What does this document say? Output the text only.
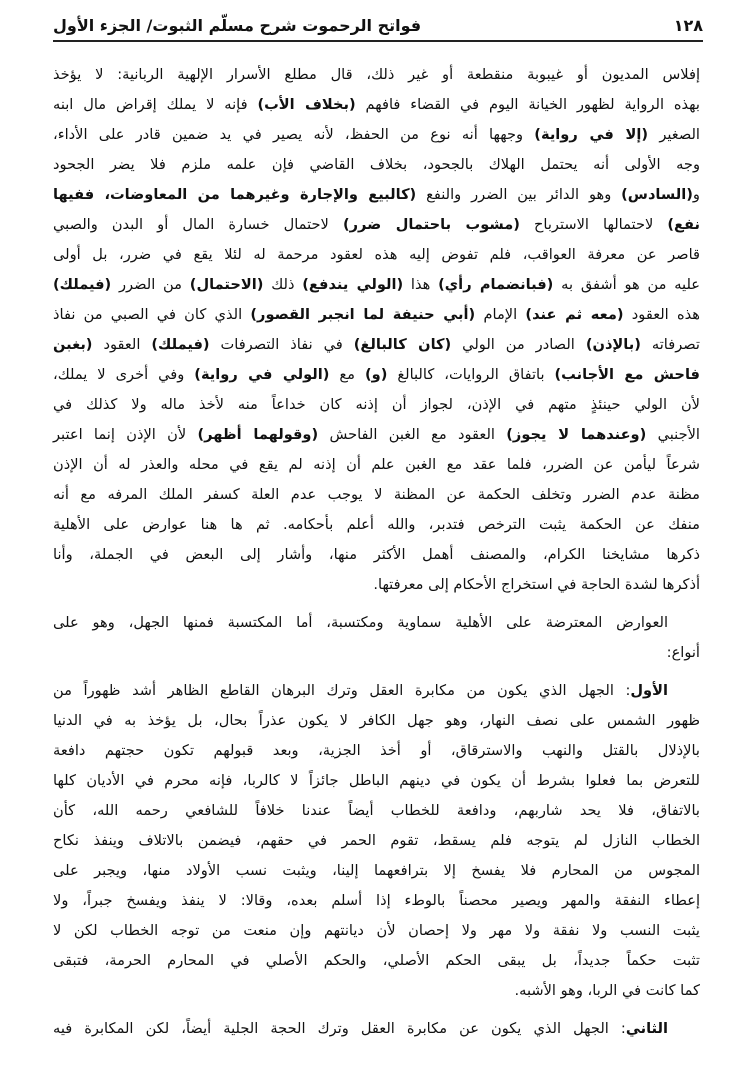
١٢٨
فواتح الرحموت شرح مسلّم الثبوت/ الجزء الأول
إفلاس المديون أو غيبوبة منقطعة أو غير ذلك، قال مطلع الأسرار الإلهية الربانية: لا يؤخذ
بهذه الرواية لظهور الخيانة اليوم في القضاء فافهم (بخلاف الأب) فإنه لا يملك إقراض مال ابنه
الصغير (إلا في رواية) وجهها أنه نوع من الحفظ، لأنه يصير في يد ضمين قادر على الأداء،
وجه الأولى أنه يحتمل الهلاك بالجحود، بخلاف القاضي فإن علمه ملزم فلا يضر الجحود
و(السادس) وهو الدائر بين الضرر والنفع (كالبيع والإجارة وغيرهما من المعاوضات، ففيها
نفع) لاحتمالها الاسترباح (مشوب باحتمال ضرر) لاحتمال خسارة المال أو البدن والصبي
قاصر عن معرفة العواقب، فلم تفوض إليه هذه لعقود مرحمة له لئلا يقع في ضرر، بل أولى
عليه من هو أشفق به (فبانضمام رأي) هذا (الولي يندفع) ذلك (الاحتمال) من الضرر (فيملك)
هذه العقود (معه ثم عند) الإمام (أبي حنيفة لما انجبر القصور) الذي كان في الصبي من نفاذ
تصرفاته (بالإذن) الصادر من الولي (كان كالبالغ) في نفاذ التصرفات (فيملك) العقود (بغبن
فاحش مع الأجانب) باتفاق الروايات، كالبالغ (و) مع (الولي في رواية) وفي أخرى لا يملك،
لأن الولي حينئذٍ متهم في الإذن، لجواز أن إذنه كان خداعاً منه لأخذ ماله ولا كذلك في
الأجنبي (وعندهما لا يجوز) العقود مع الغبن الفاحش (وقولهما أظهر) لأن الإذن إنما اعتبر
شرعاً ليأمن عن الضرر، فلما عقد مع الغبن علم أن إذنه لم يقع في محله والعذر له أن الإذن
مظنة عدم الضرر وتخلف الحكمة عن المظنة لا يوجب عدم العلة كسفر الملك المرفه مع أنه
منفك عن الحكمة يثبت الترخص فتدبر، والله أعلم بأحكامه. ثم ها هنا عوارض على الأهلية
ذكرها مشايخنا الكرام، والمصنف أهمل الأكثر منها، وأشار إلى البعض في الجملة، وأنا
أذكرها لشدة الحاجة في استخراج الأحكام إلى معرفتها.
العوارض المعترضة على الأهلية سماوية ومكتسبة، أما المكتسبة فمنها الجهل، وهو على
أنواع:
الأول: الجهل الذي يكون من مكابرة العقل وترك البرهان القاطع الظاهر أشد ظهوراً من
ظهور الشمس على نصف النهار، وهو جهل الكافر لا يكون عذراً بحال، بل يؤخذ به في الدنيا
بالإذلال بالقتل والنهب والاسترقاق، أو أخذ الجزية، وبعد قبولهم تكون حجتهم دافعة
للتعرض بما فعلوا بشرط أن يكون في دينهم الباطل جائزاً لا كالربا، فإنه محرم في الأديان كلها
بالاتفاق، فلا يحد شاربهم، ودافعة للخطاب أيضاً عندنا خلافاً للشافعي رحمه الله، كأن
الخطاب النازل لم يتوجه فلم يسقط، تقوم الحمر في حقهم، فيضمن بالاتلاف وينفذ نكاح
المجوس من المحارم فلا يفسخ إلا بترافعهما إلينا، ويثبت نسب الأولاد منها، ويجبر على
إعطاء النفقة والمهر ويصير محصناً بالوطء إذا أسلم بعده، وقالا: لا ينفذ ويفسخ جبراً، ولا
يثبت النسب ولا نفقة ولا مهر ولا إحصان لأن ديانتهم وإن منعت من توجه الخطاب لكن لا
تثبت حكماً جديداً، بل يبقى الحكم الأصلي، والحكم الأصلي في المحارم الحرمة، فتبقى
كما كانت في الربا، وهو الأشبه.
الثاني: الجهل الذي يكون عن مكابرة العقل وترك الحجة الجلية أيضاً، لكن المكابرة فيه
